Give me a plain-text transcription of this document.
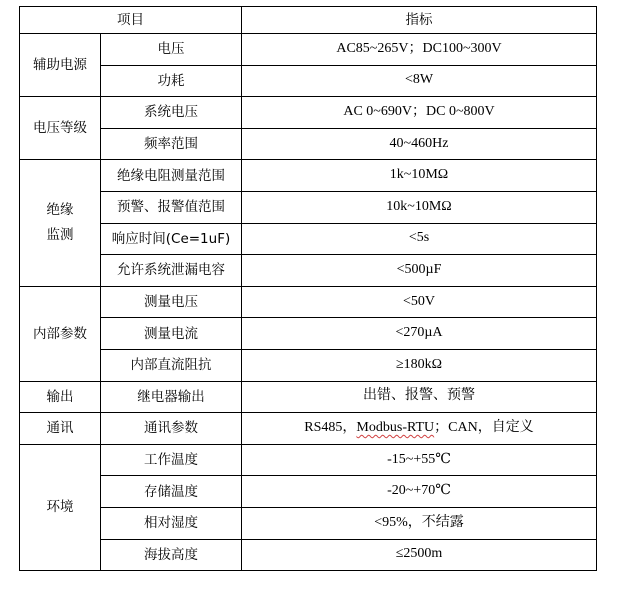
项目		指标

辅助电源	电压	AC85~265V；DC100~300V
	功耗	<8W

电压等级	系统电压	AC 0~690V；DC 0~800V
	频率范围	40~460Hz

绝缘
监测	绝缘电阻测量范围	1k~10MΩ
	预警、报警值范围	10k~10MΩ
	响应时间(Ce=1uF)	<5s
	允许系统泄漏电容	<500µF

内部参数	测量电压	<50V
	测量电流	<270µA
	内部直流阻抗	≥180kΩ

输出	继电器输出	出错、报警、预警

通讯	通讯参数	RS485，Modbus-RTU；CAN，自定义

环境	工作温度	-15~+55℃
	存储温度	-20~+70℃
	相对湿度	<95%，不结露
	海拔高度	≤2500m
